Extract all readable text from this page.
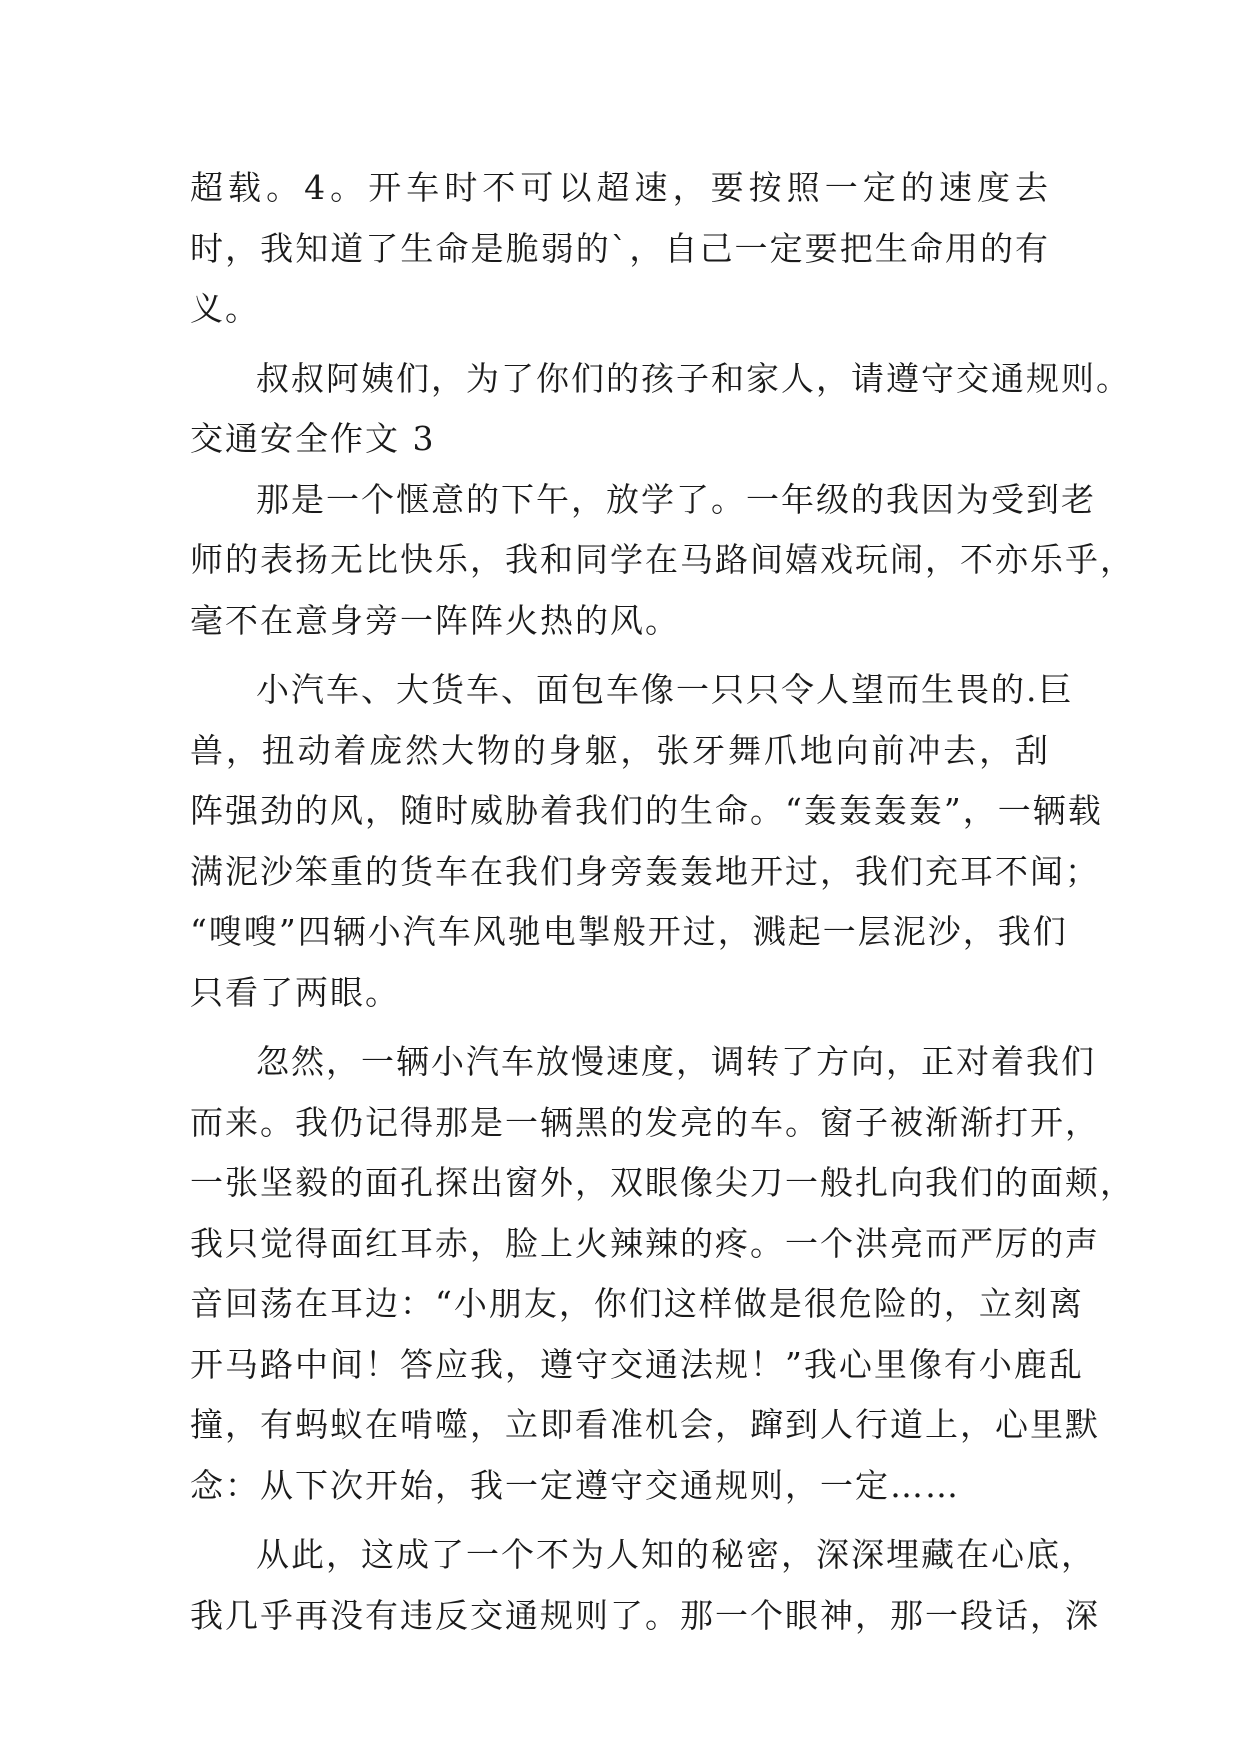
超载。4。开车时不可以超速，要按照一定的速度去
时，我知道了生命是脆弱的`，自己一定要把生命用的有
义。
叔叔阿姨们，为了你们的孩子和家人，请遵守交通规则。
交通安全作文 3
那是一个惬意的下午，放学了。一年级的我因为受到老
师的表扬无比快乐，我和同学在马路间嬉戏玩闹，不亦乐乎，
毫不在意身旁一阵阵火热的风。
小汽车、大货车、面包车像一只只令人望而生畏的.巨
兽，扭动着庞然大物的身躯，张牙舞爪地向前冲去，刮
阵强劲的风，随时威胁着我们的生命。“轰轰轰轰”，一辆载
满泥沙笨重的货车在我们身旁轰轰地开过，我们充耳不闻；
“嗖嗖”四辆小汽车风驰电掣般开过，溅起一层泥沙，我们
只看了两眼。
忽然，一辆小汽车放慢速度，调转了方向，正对着我们
而来。我仍记得那是一辆黑的发亮的车。窗子被渐渐打开，
一张坚毅的面孔探出窗外，双眼像尖刀一般扎向我们的面颊，
我只觉得面红耳赤，脸上火辣辣的疼。一个洪亮而严厉的声
音回荡在耳边：“小朋友，你们这样做是很危险的，立刻离
开马路中间！答应我，遵守交通法规！”我心里像有小鹿乱
撞，有蚂蚁在啃噬，立即看准机会，蹿到人行道上，心里默
念：从下次开始，我一定遵守交通规则，一定……
从此，这成了一个不为人知的秘密，深深埋藏在心底，
我几乎再没有违反交通规则了。那一个眼神，那一段话，深
